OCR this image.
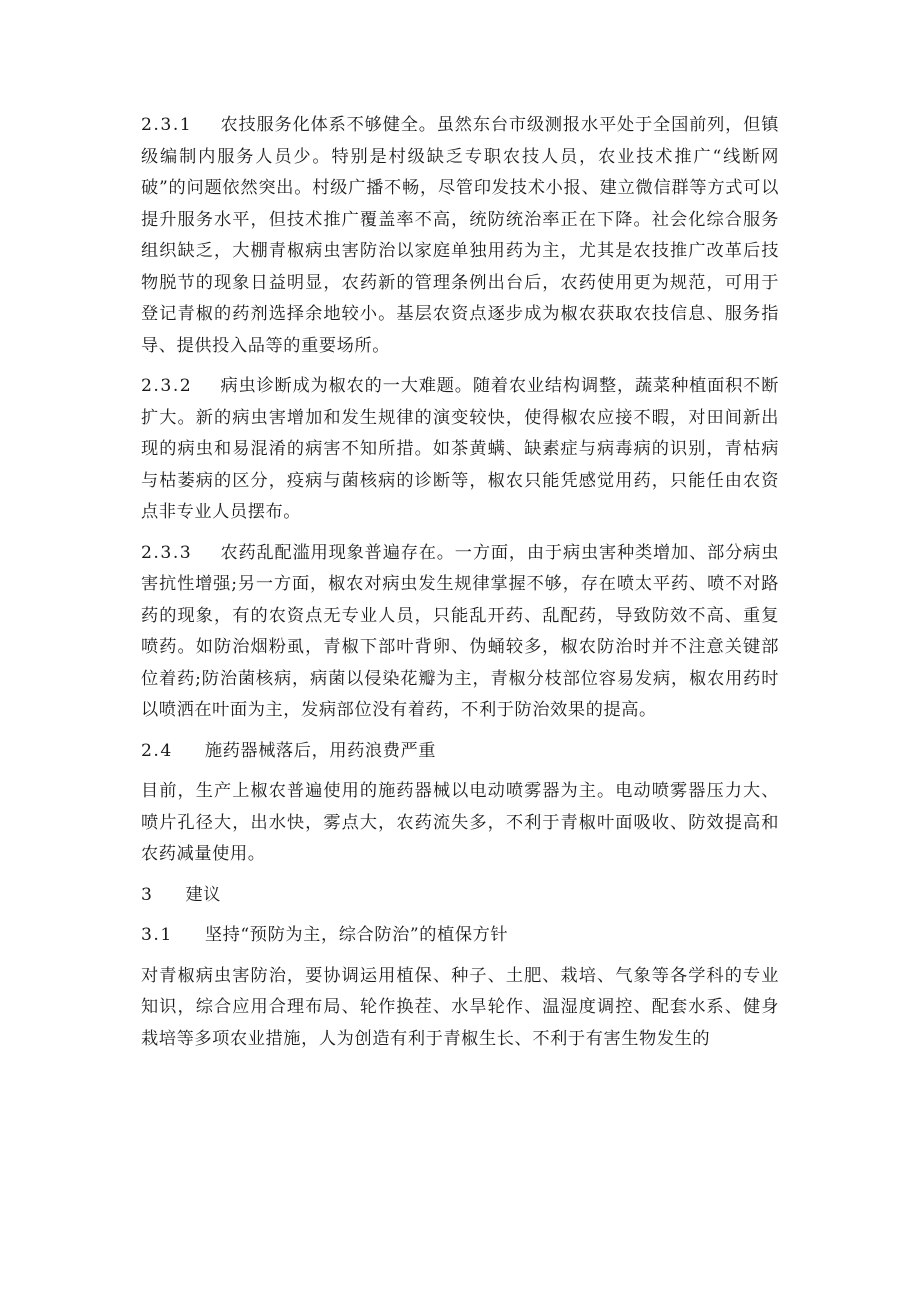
2.3.1 农技服务化体系不够健全。虽然东台市级测报水平处于全国前列，但镇级编制内服务人员少。特别是村级缺乏专职农技人员，农业技术推广“线断网破”的问题依然突出。村级广播不畅，尽管印发技术小报、建立微信群等方式可以提升服务水平，但技术推广覆盖率不高，统防统治率正在下降。社会化综合服务组织缺乏，大棚青椒病虫害防治以家庭单独用药为主，尤其是农技推广改革后技物脱节的现象日益明显，农药新的管理条例出台后，农药使用更为规范，可用于登记青椒的药剂选择余地较小。基层农资点逐步成为椒农获取农技信息、服务指导、提供投入品等的重要场所。

2.3.2 病虫诊断成为椒农的一大难题。随着农业结构调整，蔬菜种植面积不断扩大。新的病虫害增加和发生规律的演变较快，使得椒农应接不暇，对田间新出现的病虫和易混淆的病害不知所措。如茶黄螨、缺素症与病毒病的识别，青枯病与枯萎病的区分，疫病与菌核病的诊断等，椒农只能凭感觉用药，只能任由农资点非专业人员摆布。

2.3.3 农药乱配滥用现象普遍存在。一方面，由于病虫害种类增加、部分病虫害抗性增强;另一方面，椒农对病虫发生规律掌握不够，存在喷太平药、喷不对路药的现象，有的农资点无专业人员，只能乱开药、乱配药，导致防效不高、重复喷药。如防治烟粉虱，青椒下部叶背卵、伪蛹较多，椒农防治时并不注意关键部位着药;防治菌核病，病菌以侵染花瓣为主，青椒分枝部位容易发病，椒农用药时以喷洒在叶面为主，发病部位没有着药，不利于防治效果的提高。

2.4 施药器械落后，用药浪费严重

目前，生产上椒农普遍使用的施药器械以电动喷雾器为主。电动喷雾器压力大、喷片孔径大，出水快，雾点大，农药流失多，不利于青椒叶面吸收、防效提高和农药减量使用。

3 建议

3.1 坚持“预防为主，综合防治”的植保方针

对青椒病虫害防治，要协调运用植保、种子、土肥、栽培、气象等各学科的专业知识，综合应用合理布局、轮作换茬、水旱轮作、温湿度调控、配套水系、健身栽培等多项农业措施，人为创造有利于青椒生长、不利于有害生物发生的
